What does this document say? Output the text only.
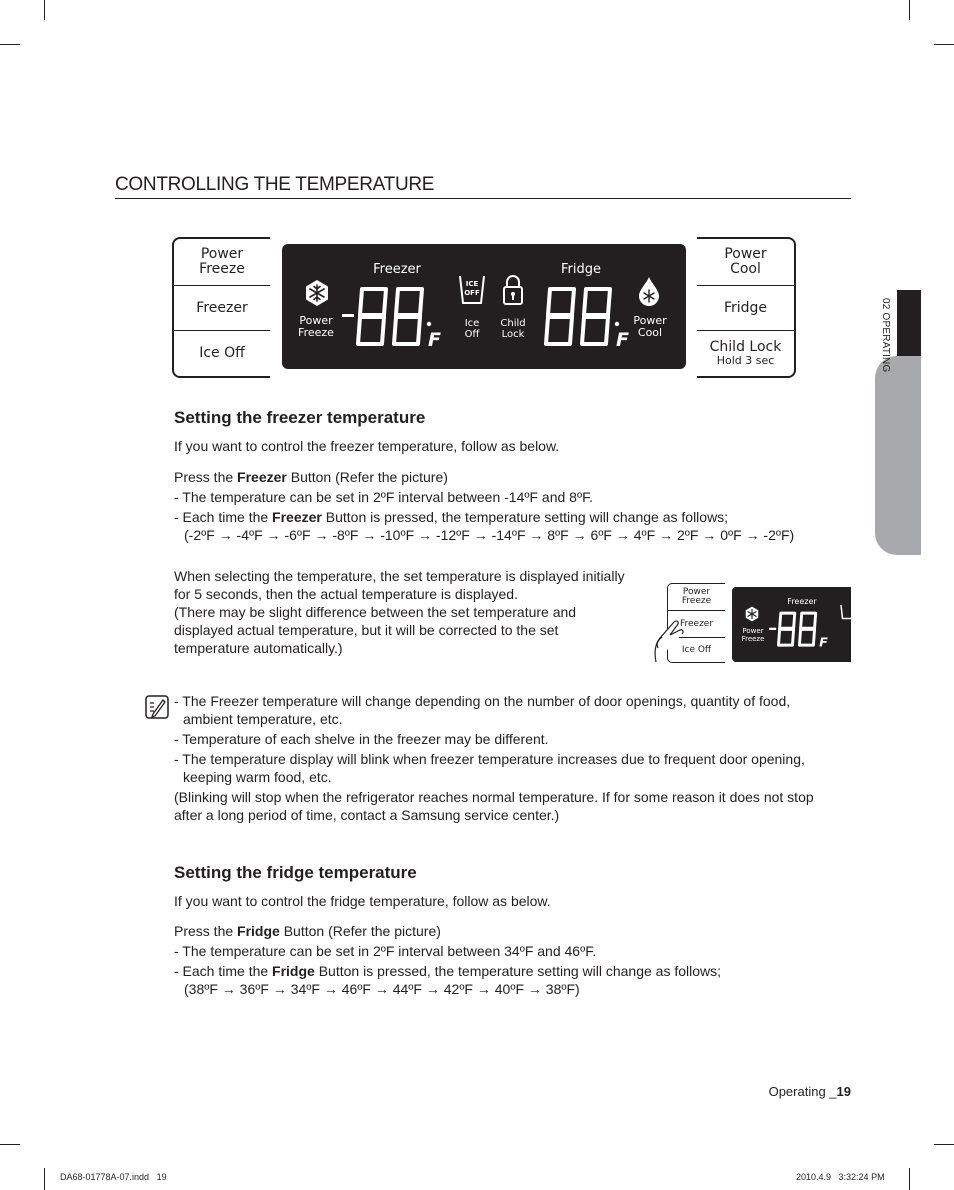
02 OPERATING
CONTROLLING THE TEMPERATURE
Power
Freeze
Freezer
Ice Off
Power
Freeze
Freezer
F
ICE
OFF
Ice
Off
Child
Lock
Fridge
F
Power
Cool
Power
Cool
Fridge
Child Lock
Hold 3 sec
Setting the freezer temperature
If you want to control the freezer temperature, follow as below.
Press the Freezer Button (Refer the picture)
- The temperature can be set in 2ºF interval between -14ºF and 8ºF.
- Each time the Freezer Button is pressed, the temperature setting will change as follows;
(-2ºF → -4ºF → -6ºF → -8ºF → -10ºF → -12ºF → -14ºF → 8ºF → 6ºF → 4ºF → 2ºF → 0ºF → -2ºF)
When selecting the temperature, the set temperature is displayed initially
for 5 seconds, then the actual temperature is displayed.
(There may be slight difference between the set temperature and
displayed actual temperature, but it will be corrected to the set
temperature automatically.)
Power
Freeze
Freezer
Ice Off
Power
Freeze
Freezer
F
- The Freezer temperature will change depending on the number of door openings, quantity of food,
ambient temperature, etc.
- Temperature of each shelve in the freezer may be different.
- The temperature display will blink when freezer temperature increases due to frequent door opening,
keeping warm food, etc.
(Blinking will stop when the refrigerator reaches normal temperature. If for some reason it does not stop
after a long period of time, contact a Samsung service center.)
Setting the fridge temperature
If you want to control the fridge temperature, follow as below.
Press the Fridge Button (Refer the picture)
- The temperature can be set in 2ºF interval between 34ºF and 46ºF.
- Each time the Fridge Button is pressed, the temperature setting will change as follows;
(38ºF → 36ºF → 34ºF → 46ºF → 44ºF → 42ºF → 40ºF → 38ºF)
Operating _19
DA68-01778A-07.indd   19	2010.4.9   3:32:24 PM
